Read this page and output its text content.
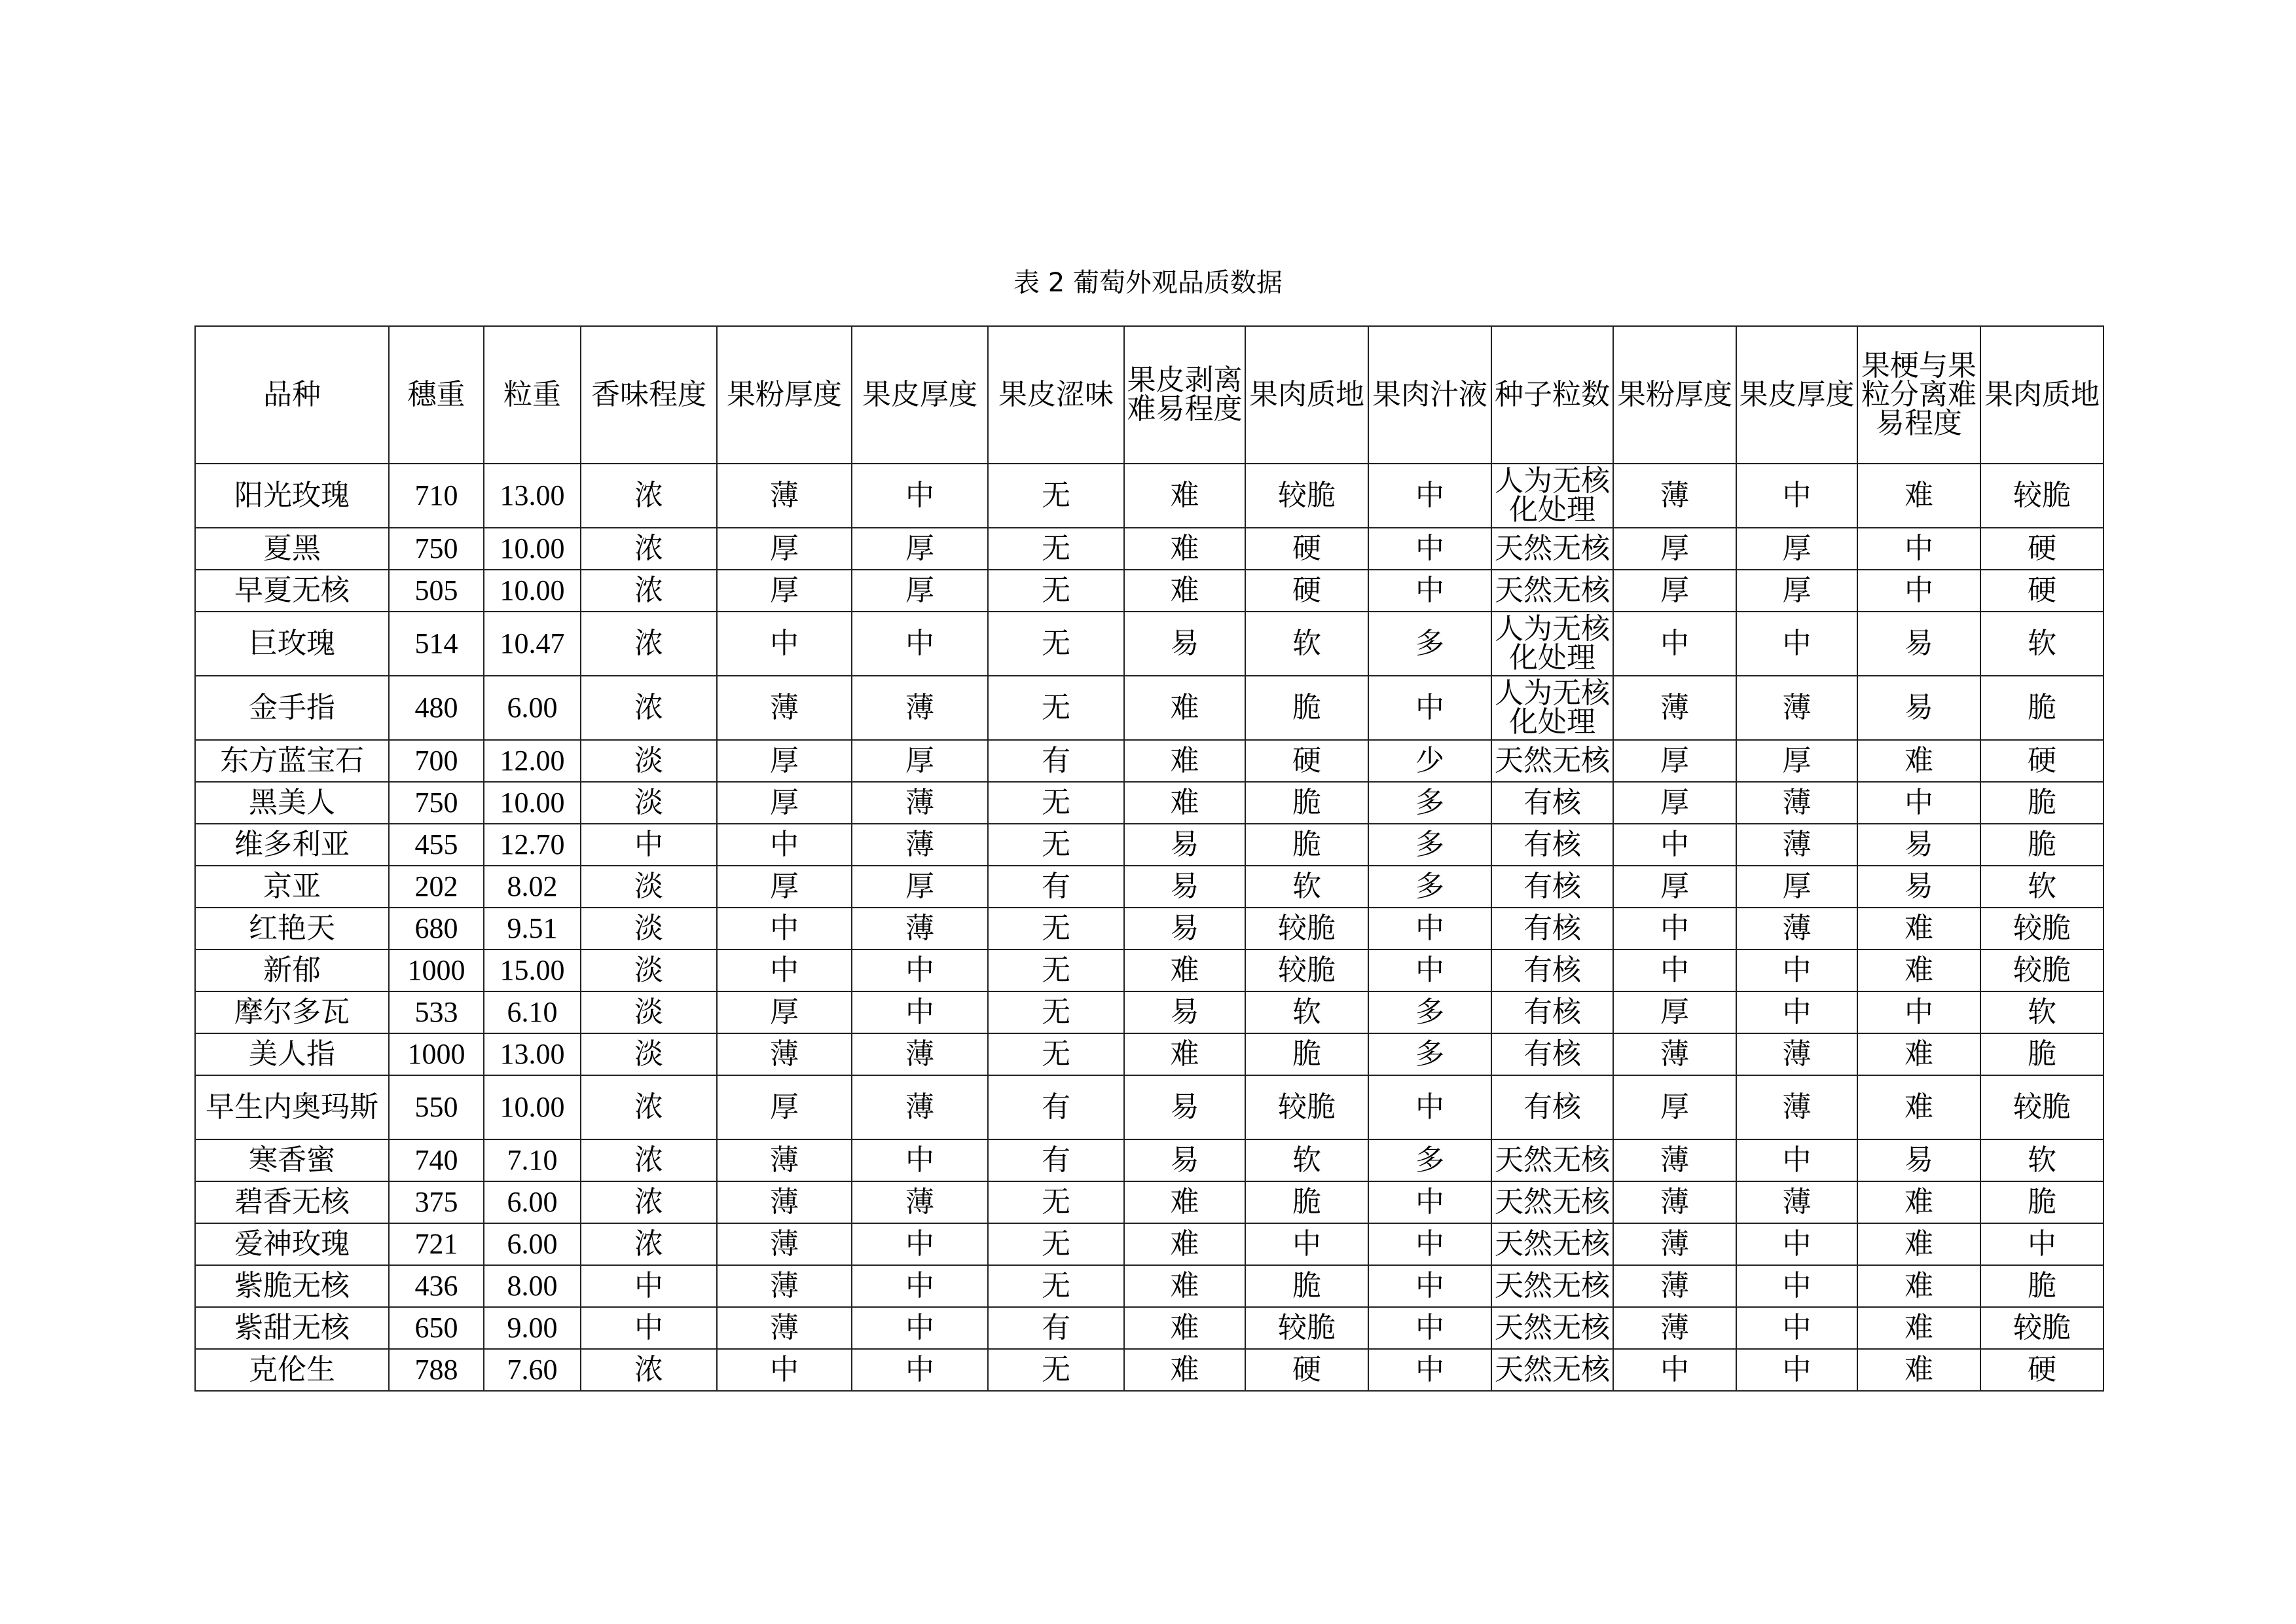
表 2 葡萄外观品质数据
品种	穗重	粒重	香味程度	果粉厚度	果皮厚度	果皮涩味	果皮剥离难易程度	果肉质地	果肉汁液	种子粒数	果粉厚度	果皮厚度	果梗与果粒分离难易程度	果肉质地
阳光玫瑰	710	13.00	浓	薄	中	无	难	较脆	中	人为无核化处理	薄	中	难	较脆
夏黑	750	10.00	浓	厚	厚	无	难	硬	中	天然无核	厚	厚	中	硬
早夏无核	505	10.00	浓	厚	厚	无	难	硬	中	天然无核	厚	厚	中	硬
巨玫瑰	514	10.47	浓	中	中	无	易	软	多	人为无核化处理	中	中	易	软
金手指	480	6.00	浓	薄	薄	无	难	脆	中	人为无核化处理	薄	薄	易	脆
东方蓝宝石	700	12.00	淡	厚	厚	有	难	硬	少	天然无核	厚	厚	难	硬
黑美人	750	10.00	淡	厚	薄	无	难	脆	多	有核	厚	薄	中	脆
维多利亚	455	12.70	中	中	薄	无	易	脆	多	有核	中	薄	易	脆
京亚	202	8.02	淡	厚	厚	有	易	软	多	有核	厚	厚	易	软
红艳天	680	9.51	淡	中	薄	无	易	较脆	中	有核	中	薄	难	较脆
新郁	1000	15.00	淡	中	中	无	难	较脆	中	有核	中	中	难	较脆
摩尔多瓦	533	6.10	淡	厚	中	无	易	软	多	有核	厚	中	中	软
美人指	1000	13.00	淡	薄	薄	无	难	脆	多	有核	薄	薄	难	脆
早生内奥玛斯	550	10.00	浓	厚	薄	有	易	较脆	中	有核	厚	薄	难	较脆
寒香蜜	740	7.10	浓	薄	中	有	易	软	多	天然无核	薄	中	易	软
碧香无核	375	6.00	浓	薄	薄	无	难	脆	中	天然无核	薄	薄	难	脆
爱神玫瑰	721	6.00	浓	薄	中	无	难	中	中	天然无核	薄	中	难	中
紫脆无核	436	8.00	中	薄	中	无	难	脆	中	天然无核	薄	中	难	脆
紫甜无核	650	9.00	中	薄	中	有	难	较脆	中	天然无核	薄	中	难	较脆
克伦生	788	7.60	浓	中	中	无	难	硬	中	天然无核	中	中	难	硬
